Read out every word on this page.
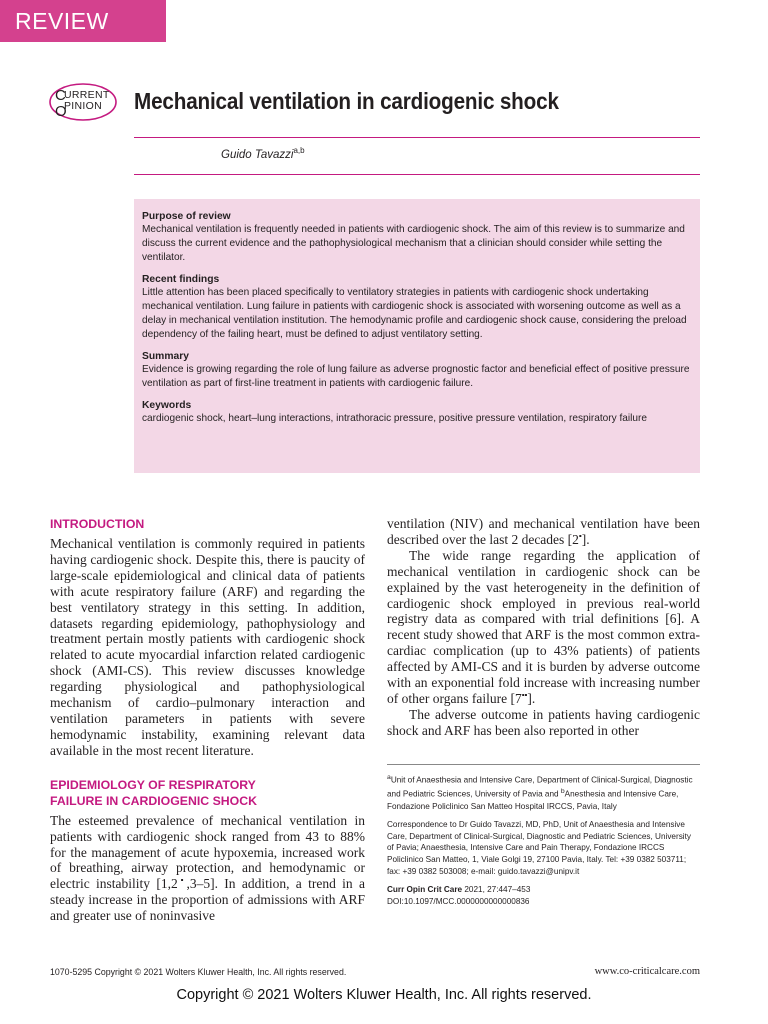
REVIEW
C
O
URRENT
PINION Mechanical ventilation in cardiogenic shock
Guido Tavazzi$^{a,b}$
Purpose of review

Mechanical ventilation is frequently needed in patients with cardiogenic shock. The aim of this review is to summarize and discuss the current evidence and the pathophysiological mechanism that a clinician should consider while setting the ventilator.

Recent findings

Little attention has been placed specifically to ventilatory strategies in patients with cardiogenic shock undertaking mechanical ventilation. Lung failure in patients with cardiogenic shock is associated with worsening outcome as well as a delay in mechanical ventilation institution. The hemodynamic profile and cardiogenic shock cause, considering the preload dependency of the failing heart, must be defined to adjust ventilatory setting.

Summary

Evidence is growing regarding the role of lung failure as adverse prognostic factor and beneficial effect of positive pressure ventilation as part of first-line treatment in patients with cardiogenic failure.

Keywords

cardiogenic shock, heart–lung interactions, intrathoracic pressure, positive pressure ventilation, respiratory failure

INTRODUCTION

Mechanical ventilation is commonly required in patients having cardiogenic shock. Despite this, there is paucity of large-scale epidemiological and clinical data of patients with acute respiratory failure (ARF) and regarding the best ventilatory strategy in this setting. In addition, datasets regarding epidemiology, pathophysiology and treatment pertain mostly patients with cardiogenic shock related to acute myocardial infarction related cardiogenic shock (AMI-CS). This review discusses knowledge regarding physiological and pathophysiological mechanism of cardio–pulmonary interaction and ventilation parameters in patients with severe hemodynamic instability, examining relevant data available in the most recent literature.

EPIDEMIOLOGY OF RESPIRATORY
FAILURE IN CARDIOGENIC SHOCK

The esteemed prevalence of mechanical ventilation in patients with cardiogenic shock ranged from 43 to 88% for the management of acute hypoxemia, increased work of breathing, airway protection, and hemodynamic or electric instability [1,2▪,3–5]. In addition, a trend in a steady increase in the proportion of admissions with ARF and greater use of noninvasive

ventilation (NIV) and mechanical ventilation have been described over the last 2 decades [2▪].

The wide range regarding the application of mechanical ventilation in cardiogenic shock can be explained by the vast heterogeneity in the definition of cardiogenic shock employed in previous real-world registry data as compared with trial definitions [6]. A recent study showed that ARF is the most common extra-cardiac complication (up to 43% patients) of patients affected by AMI-CS and it is burden by adverse outcome with an exponential fold increase with increasing number of other organs failure [7▪▪].

The adverse outcome in patients having cardiogenic shock and ARF has been also reported in other

$^a$Unit of Anaesthesia and Intensive Care, Department of Clinical-Surgical, Diagnostic and Pediatric Sciences, University of Pavia and $^b$Anesthesia and Intensive Care, Fondazione Policlinico San Matteo Hospital IRCCS, Pavia, Italy

Correspondence to Dr Guido Tavazzi, MD, PhD, Unit of Anaesthesia and Intensive Care, Department of Clinical-Surgical, Diagnostic and Pediatric Sciences, University of Pavia; Anaesthesia, Intensive Care and Pain Therapy, Fondazione IRCCS Policlinico San Matteo, 1, Viale Golgi 19, 27100 Pavia, Italy. Tel: +39 0382 503711; fax: +39 0382 503008; e-mail: guido.tavazzi@unipv.it

Curr Opin Crit Care 2021, 27:447–453

DOI:10.1097/MCC.0000000000000836

1070-5295 Copyright © 2021 Wolters Kluwer Health, Inc. All rights reserved.	www.co-criticalcare.com
Copyright © 2021 Wolters Kluwer Health, Inc. All rights reserved.
